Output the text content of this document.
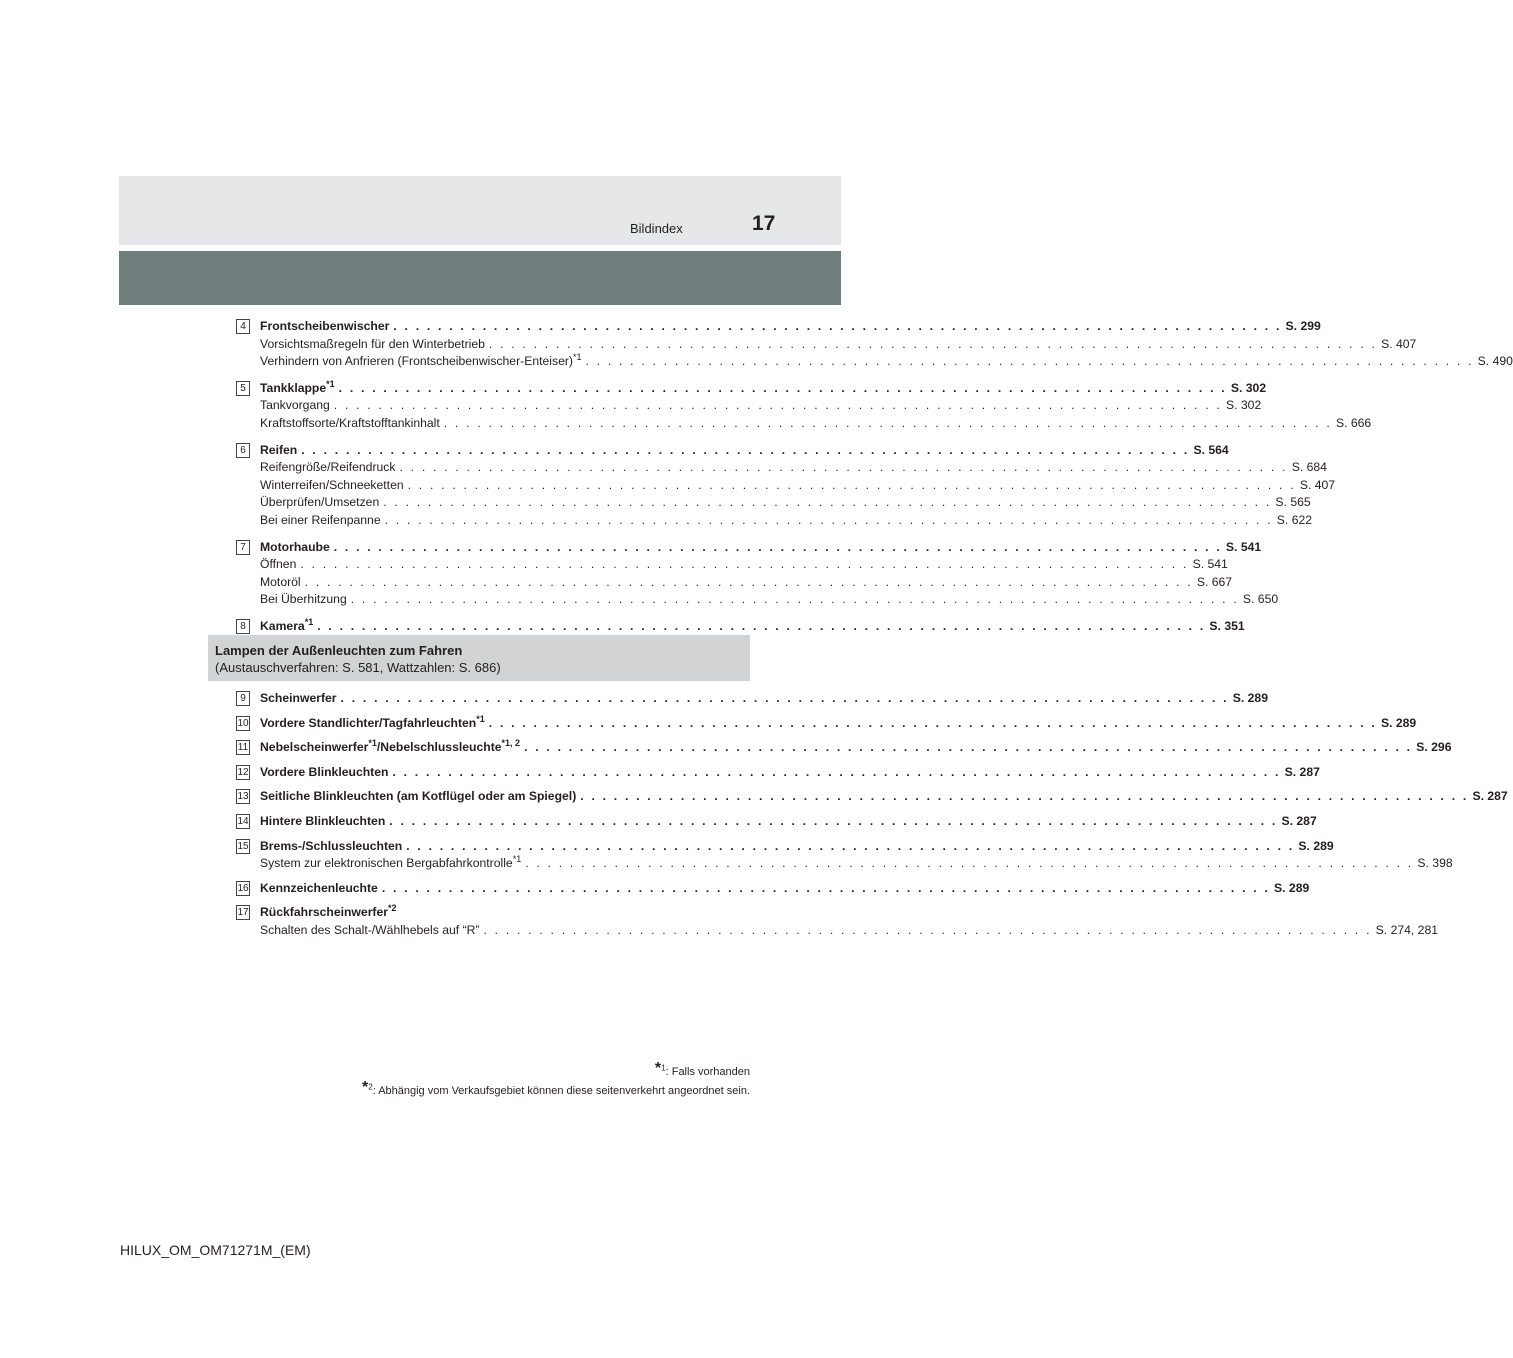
Bildindex	17
4	Frontscheibenwischer . . . . . . . . . . . . . . . . . . . . . . . . . . . . . . . . . . . . . . . . . . . . . . . . . . . . . . . . . . . . . . . . . . . . . . . . . . . . . . . . S. 299
Vorsichtsmaßregeln für den Winterbetrieb . . . . . . . . . . . . . . . . . . . . . . . . . . . . . . . . . . . . . . . . . . . . . . . . . . . . . . . . . . . . . . . . . . . . . . . . . . . . . . . . S. 407
Verhindern von Anfrieren (Frontscheibenwischer-Enteiser)$^{*1}$ . . . . . . . . . . . . . . . . . . . . . . . . . . . . . . . . . . . . . . . . . . . . . . . . . . . . . . . . . . . . . . . . . . . . . . . . . . . . . . . . S. 490
5	Tankklappe$^{*1}$ . . . . . . . . . . . . . . . . . . . . . . . . . . . . . . . . . . . . . . . . . . . . . . . . . . . . . . . . . . . . . . . . . . . . . . . . . . . . . . . . S. 302
Tankvorgang . . . . . . . . . . . . . . . . . . . . . . . . . . . . . . . . . . . . . . . . . . . . . . . . . . . . . . . . . . . . . . . . . . . . . . . . . . . . . . . . S. 302
Kraftstoffsorte/Kraftstofftankinhalt . . . . . . . . . . . . . . . . . . . . . . . . . . . . . . . . . . . . . . . . . . . . . . . . . . . . . . . . . . . . . . . . . . . . . . . . . . . . . . . . S. 666
6	Reifen . . . . . . . . . . . . . . . . . . . . . . . . . . . . . . . . . . . . . . . . . . . . . . . . . . . . . . . . . . . . . . . . . . . . . . . . . . . . . . . . S. 564
Reifengröße/Reifendruck . . . . . . . . . . . . . . . . . . . . . . . . . . . . . . . . . . . . . . . . . . . . . . . . . . . . . . . . . . . . . . . . . . . . . . . . . . . . . . . . S. 684
Winterreifen/Schneeketten . . . . . . . . . . . . . . . . . . . . . . . . . . . . . . . . . . . . . . . . . . . . . . . . . . . . . . . . . . . . . . . . . . . . . . . . . . . . . . . . S. 407
Überprüfen/Umsetzen . . . . . . . . . . . . . . . . . . . . . . . . . . . . . . . . . . . . . . . . . . . . . . . . . . . . . . . . . . . . . . . . . . . . . . . . . . . . . . . . S. 565
Bei einer Reifenpanne . . . . . . . . . . . . . . . . . . . . . . . . . . . . . . . . . . . . . . . . . . . . . . . . . . . . . . . . . . . . . . . . . . . . . . . . . . . . . . . . S. 622
7	Motorhaube . . . . . . . . . . . . . . . . . . . . . . . . . . . . . . . . . . . . . . . . . . . . . . . . . . . . . . . . . . . . . . . . . . . . . . . . . . . . . . . . S. 541
Öffnen . . . . . . . . . . . . . . . . . . . . . . . . . . . . . . . . . . . . . . . . . . . . . . . . . . . . . . . . . . . . . . . . . . . . . . . . . . . . . . . . S. 541
Motoröl . . . . . . . . . . . . . . . . . . . . . . . . . . . . . . . . . . . . . . . . . . . . . . . . . . . . . . . . . . . . . . . . . . . . . . . . . . . . . . . . S. 667
Bei Überhitzung . . . . . . . . . . . . . . . . . . . . . . . . . . . . . . . . . . . . . . . . . . . . . . . . . . . . . . . . . . . . . . . . . . . . . . . . . . . . . . . . S. 650
8	Kamera$^{*1}$ . . . . . . . . . . . . . . . . . . . . . . . . . . . . . . . . . . . . . . . . . . . . . . . . . . . . . . . . . . . . . . . . . . . . . . . . . . . . . . . . S. 351
Lampen der Außenleuchten zum Fahren
(Austauschverfahren: S. 581, Wattzahlen: S. 686)
9	Scheinwerfer . . . . . . . . . . . . . . . . . . . . . . . . . . . . . . . . . . . . . . . . . . . . . . . . . . . . . . . . . . . . . . . . . . . . . . . . . . . . . . . . S. 289
10 Vordere Standlichter/Tagfahrleuchten$^{*1}$ . . . . . . . . . . . . . . . . . . . . . . . . . . . . . . . . . . . . . . . . . . . . . . . . . . . . . . . . . . . . . . . . . . . . . . . . . . . . . . . . S. 289
11 Nebelscheinwerfer$^{*1}$/Nebelschlussleuchte$^{*1, 2}$ . . . . . . . . . . . . . . . . . . . . . . . . . . . . . . . . . . . . . . . . . . . . . . . . . . . . . . . . . . . . . . . . . . . . . . . . . . . . . . . . S. 296
12 Vordere Blinkleuchten . . . . . . . . . . . . . . . . . . . . . . . . . . . . . . . . . . . . . . . . . . . . . . . . . . . . . . . . . . . . . . . . . . . . . . . . . . . . . . . . S. 287
13 Seitliche Blinkleuchten (am Kotflügel oder am Spiegel) . . . . . . . . . . . . . . . . . . . . . . . . . . . . . . . . . . . . . . . . . . . . . . . . . . . . . . . . . . . . . . . . . . . . . . . . . . . . . . . . S. 287
14 Hintere Blinkleuchten . . . . . . . . . . . . . . . . . . . . . . . . . . . . . . . . . . . . . . . . . . . . . . . . . . . . . . . . . . . . . . . . . . . . . . . . . . . . . . . . S. 287
15 Brems-/Schlussleuchten . . . . . . . . . . . . . . . . . . . . . . . . . . . . . . . . . . . . . . . . . . . . . . . . . . . . . . . . . . . . . . . . . . . . . . . . . . . . . . . . S. 289
System zur elektronischen Bergabfahrkontrolle$^{*1}$ . . . . . . . . . . . . . . . . . . . . . . . . . . . . . . . . . . . . . . . . . . . . . . . . . . . . . . . . . . . . . . . . . . . . . . . . . . . . . . . . S. 398
16 Kennzeichenleuchte . . . . . . . . . . . . . . . . . . . . . . . . . . . . . . . . . . . . . . . . . . . . . . . . . . . . . . . . . . . . . . . . . . . . . . . . . . . . . . . . S. 289
17 Rückfahrscheinwerfer$^{*2}$
Schalten des Schalt-/Wählhebels auf “R” . . . . . . . . . . . . . . . . . . . . . . . . . . . . . . . . . . . . . . . . . . . . . . . . . . . . . . . . . . . . . . . . . . . . . . . . . . . . . . . . S. 274, 281
*$^1$: Falls vorhanden
*$^2$: Abhängig vom Verkaufsgebiet können diese seitenverkehrt angeordnet sein.
HILUX_OM_OM71271M_(EM)
